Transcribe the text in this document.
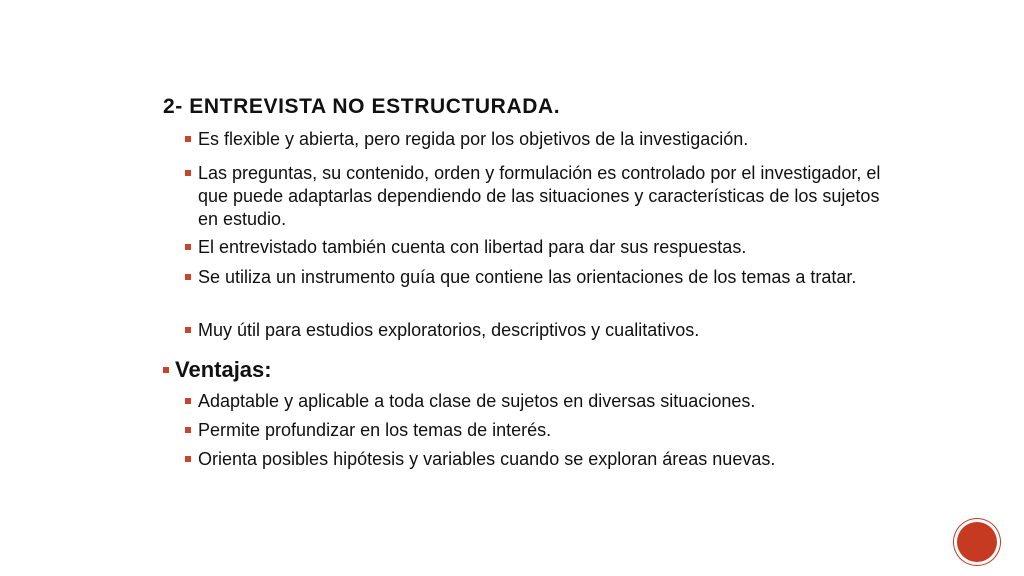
2- ENTREVISTA NO ESTRUCTURADA.
Es flexible y abierta, pero regida por los objetivos de la investigación.
Las preguntas, su contenido, orden y formulación es controlado por el investigador, el que puede adaptarlas dependiendo de las situaciones y características de los sujetos en estudio.
El entrevistado también cuenta con libertad para dar sus respuestas.
Se utiliza un instrumento guía que contiene las orientaciones de los temas a tratar.
Muy útil para estudios exploratorios, descriptivos y cualitativos.
Ventajas:
Adaptable y aplicable a toda clase de sujetos en diversas situaciones.
Permite profundizar en los temas de interés.
Orienta posibles hipótesis y variables cuando se exploran áreas nuevas.
